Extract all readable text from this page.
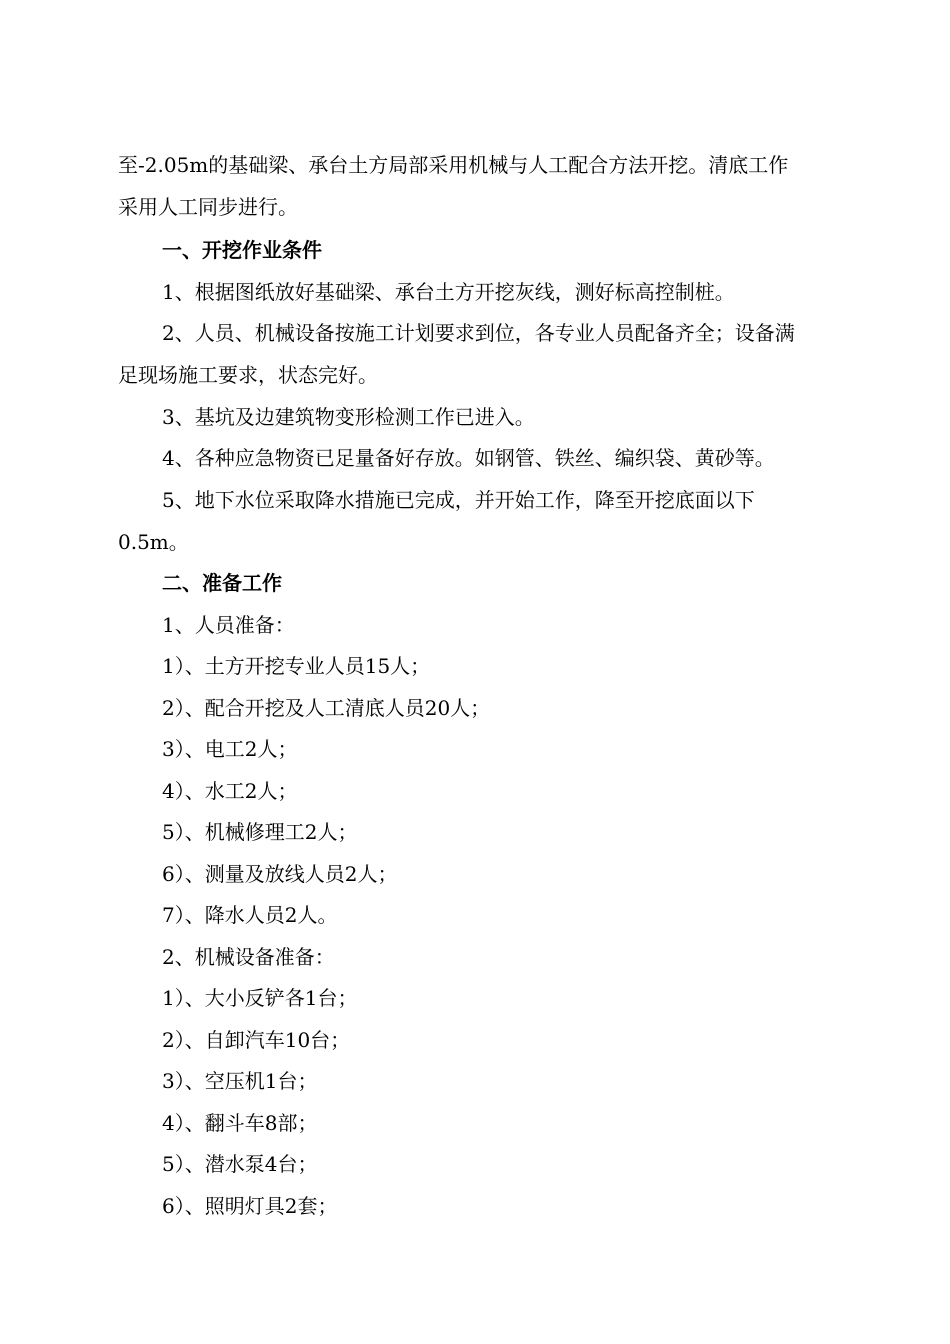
至-2.05m的基础梁、承台土方局部采用机械与人工配合方法开挖。清底工作
采用人工同步进行。
一、开挖作业条件
1、根据图纸放好基础梁、承台土方开挖灰线，测好标高控制桩。
2、人员、机械设备按施工计划要求到位，各专业人员配备齐全；设备满
足现场施工要求，状态完好。
3、基坑及边建筑物变形检测工作已进入。
4、各种应急物资已足量备好存放。如钢管、铁丝、编织袋、黄砂等。
5、地下水位采取降水措施已完成，并开始工作，降至开挖底面以下
0.5m。
二、准备工作
1、人员准备：
1）、土方开挖专业人员15人；
2）、配合开挖及人工清底人员20人；
3）、电工2人；
4）、水工2人；
5）、机械修理工2人；
6）、测量及放线人员2人；
7）、降水人员2人。
2、机械设备准备：
1）、大小反铲各1台；
2）、自卸汽车10台；
3）、空压机1台；
4）、翻斗车8部；
5）、潜水泵4台；
6）、照明灯具2套；
